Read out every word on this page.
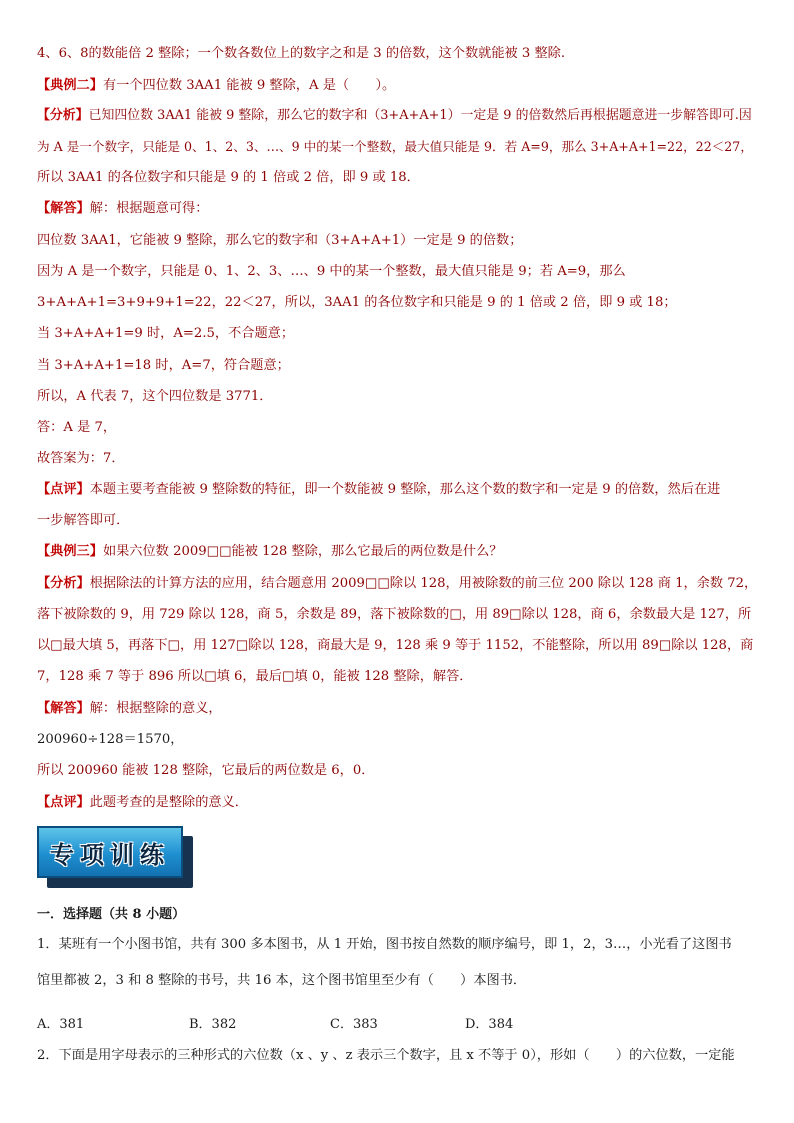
4、6、8的数能倍 2 整除；一个数各数位上的数字之和是 3 的倍数，这个数就能被 3 整除.
【典例二】有一个四位数 3AA1 能被 9 整除，A 是（　　）。
【分析】已知四位数 3AA1 能被 9 整除，那么它的数字和（3+A+A+1）一定是 9 的倍数然后再根据题意进一步解答即可.因
为 A 是一个数字，只能是 0、1、2、3、…、9 中的某一个整数，最大值只能是 9．若 A=9，那么 3+A+A+1=22，22＜27，
所以 3AA1 的各位数字和只能是 9 的 1 倍或 2 倍，即 9 或 18．
【解答】解：根据题意可得：
四位数 3AA1，它能被 9 整除，那么它的数字和（3+A+A+1）一定是 9 的倍数；
因为 A 是一个数字，只能是 0、1、2、3、…、9 中的某一个整数，最大值只能是 9；若 A=9，那么
3+A+A+1=3+9+9+1=22，22＜27，所以，3AA1 的各位数字和只能是 9 的 1 倍或 2 倍，即 9 或 18；
当 3+A+A+1=9 时，A=2.5，不合题意；
当 3+A+A+1=18 时，A=7，符合题意；
所以，A 代表 7，这个四位数是 3771．
答：A 是 7，
故答案为：7．
【点评】本题主要考查能被 9 整除数的特征，即一个数能被 9 整除，那么这个数的数字和一定是 9 的倍数，然后在进
一步解答即可．
【典例三】如果六位数 2009□□能被 128 整除，那么它最后的两位数是什么？
【分析】根据除法的计算方法的应用，结合题意用 2009□□除以 128，用被除数的前三位 200 除以 128 商 1，余数 72，
落下被除数的 9，用 729 除以 128，商 5，余数是 89，落下被除数的□，用 89□除以 128，商 6，余数最大是 127，所
以□最大填 5，再落下□，用 127□除以 128，商最大是 9，128 乘 9 等于 1152，不能整除，所以用 89□除以 128，商
7，128 乘 7 等于 896 所以□填 6，最后□填 0，能被 128 整除，解答．
【解答】解：根据整除的意义，
200960÷128＝1570，
所以 200960 能被 128 整除，它最后的两位数是 6，0．
【点评】此题考查的是整除的意义．
专项训练
一．选择题（共 8 小题）
1．某班有一个小图书馆，共有 300 多本图书，从 1 开始，图书按自然数的顺序编号，即 1，2，3…，小光看了这图书
馆里都被 2，3 和 8 整除的书号，共 16 本，这个图书馆里至少有（　　）本图书．
A．381	B．382	C．383	D．384
2．下面是用字母表示的三种形式的六位数（x 、y 、z 表示三个数字，且 x 不等于 0），形如（　　）的六位数，一定能
